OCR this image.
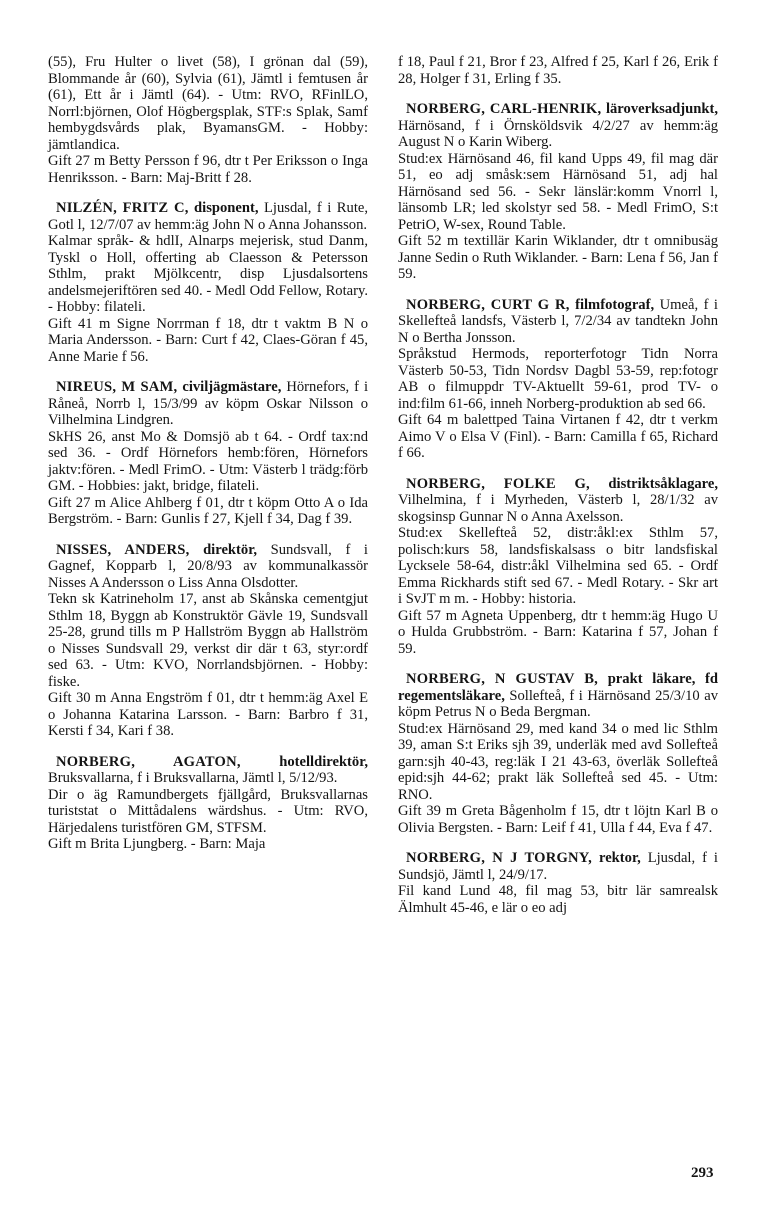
(55), Fru Hulter o livet (58), I grönan dal (59), Blommande år (60), Sylvia (61), Jämtl i femtusen år (61), Ett år i Jämtl (64). - Utm: RVO, RFinlLO, Norrl:björnen, Olof Högbergsplak, STF:s Splak, Samf hembygdsvårds plak, ByamansGM. - Hobby: jämtlandica.

Gift 27 m Betty Persson f 96, dtr t Per Eriksson o Inga Henriksson. - Barn: Maj-Britt f 28.

NILZÉN, FRITZ C, disponent, Ljusdal, f i Rute, Gotl l, 12/7/07 av hemm:äg John N o Anna Johansson.

Kalmar språk- & hdlI, Alnarps mejerisk, stud Danm, Tyskl o Holl, offerting ab Claesson & Petersson Sthlm, prakt Mjölkcentr, disp Ljusdalsortens andelsmejeriftören sed 40. - Medl Odd Fellow, Rotary. - Hobby: filateli.

Gift 41 m Signe Norrman f 18, dtr t vaktm B N o Maria Andersson. - Barn: Curt f 42, Claes-Göran f 45, Anne Marie f 56.

NIREUS, M SAM, civiljägmästare, Hörnefors, f i Råneå, Norrb l, 15/3/99 av köpm Oskar Nilsson o Vilhelmina Lindgren.

SkHS 26, anst Mo & Domsjö ab t 64. - Ordf tax:nd sed 36. - Ordf Hörnefors hemb:fören, Hörnefors jaktv:fören. - Medl FrimO. - Utm: Västerb l trädg:förb GM. - Hobbies: jakt, bridge, filateli.

Gift 27 m Alice Ahlberg f 01, dtr t köpm Otto A o Ida Bergström. - Barn: Gunlis f 27, Kjell f 34, Dag f 39.

NISSES, ANDERS, direktör, Sundsvall, f i Gagnef, Kopparb l, 20/8/93 av kommunalkassör Nisses A Andersson o Liss Anna Olsdotter.

Tekn sk Katrineholm 17, anst ab Skånska cementgjut Sthlm 18, Byggn ab Konstruktör Gävle 19, Sundsvall 25-28, grund tills m P Hallström Byggn ab Hallström o Nisses Sundsvall 29, verkst dir där t 63, styr:ordf sed 63. - Utm: KVO, Norrlandsbjörnen. - Hobby: fiske.

Gift 30 m Anna Engström f 01, dtr t hemm:äg Axel E o Johanna Katarina Larsson. - Barn: Barbro f 31, Kersti f 34, Kari f 38.

NORBERG, AGATON,	hotelldirektör, Bruksvallarna, f i Bruksvallarna, Jämtl l, 5/12/93.

Dir o äg Ramundbergets fjällgård, Bruksvallarnas turiststat o Mittådalens wärdshus. - Utm: RVO, Härjedalens turistfören GM, STFSM.

Gift m Brita Ljungberg. - Barn: Maja

f 18, Paul f 21, Bror f 23, Alfred f 25, Karl f 26, Erik f 28, Holger f 31, Erling f 35.

NORBERG, CARL-HENRIK, läroverksadjunkt, Härnösand, f i Örnsköldsvik 4/2/27 av hemm:äg August N o Karin Wiberg.

Stud:ex Härnösand 46, fil kand Upps 49, fil mag där 51, eo adj småsk:sem Härnösand 51, adj hal Härnösand sed 56. - Sekr länslär:komm Vnorrl l, länsomb LR; led skolstyr sed 58. - Medl FrimO, S:t PetriO, W-sex, Round Table.

Gift 52 m textillär Karin Wiklander, dtr t omnibusäg Janne Sedin o Ruth Wiklander. - Barn: Lena f 56, Jan f 59.

NORBERG, CURT G R, filmfotograf, Umeå, f i Skellefteå landsfs, Västerb l, 7/2/34 av tandtekn John N o Bertha Jonsson.

Språkstud Hermods, reporterfotogr Tidn Norra Västerb 50-53, Tidn Nordsv Dagbl 53-59, rep:fotogr AB o filmuppdr TV-Aktuellt 59-61, prod TV- o ind:film 61-66, inneh Norberg-produktion ab sed 66.

Gift 64 m balettped Taina Virtanen f 42, dtr t verkm Aimo V o Elsa V (Finl). - Barn: Camilla f 65, Richard f 66.

NORBERG, FOLKE G, distriktsåklagare, Vilhelmina, f i Myrheden, Västerb l, 28/1/32 av skogsinsp Gunnar N o Anna Axelsson.

Stud:ex Skellefteå 52, distr:åkl:ex Sthlm 57, polisch:kurs 58, landsfiskalsass o bitr landsfiskal Lycksele 58-64, distr:åkl Vilhelmina sed 65. - Ordf Emma Rickhards stift sed 67. - Medl Rotary. - Skr art i SvJT m m. - Hobby: historia.

Gift 57 m Agneta Uppenberg, dtr t hemm:äg Hugo U o Hulda Grubbström. - Barn: Katarina f 57, Johan f 59.

NORBERG, N GUSTAV B, prakt läkare, fd regementsläkare, Sollefteå, f i Härnösand 25/3/10 av köpm Petrus N o Beda Bergman.

Stud:ex Härnösand 29, med kand 34 o med lic Sthlm 39, aman S:t Eriks sjh 39, underläk med avd Sollefteå garn:sjh 40-43, reg:läk I 21 43-63, överläk Sollefteå epid:sjh 44-62; prakt läk Sollefteå sed 45. - Utm: RNO.

Gift 39 m Greta Bågenholm f 15, dtr t löjtn Karl B o Olivia Bergsten. - Barn: Leif f 41, Ulla f 44, Eva f 47.

NORBERG, N J TORGNY, rektor, Ljusdal, f i Sundsjö, Jämtl l, 24/9/17.

Fil kand Lund 48, fil mag 53, bitr lär samrealsk Älmhult 45-46, e lär o eo adj

293
